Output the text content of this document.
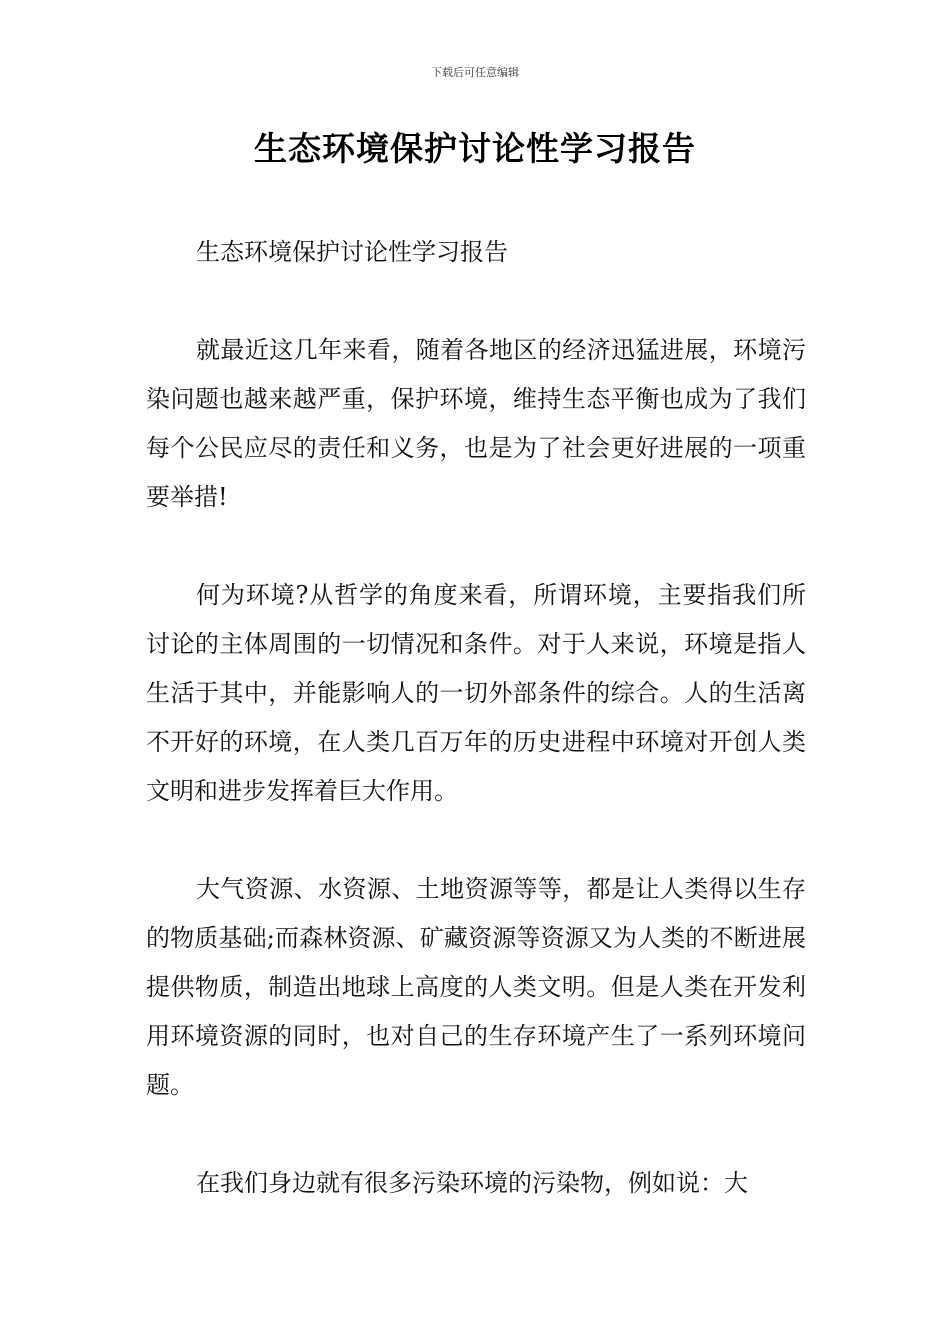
下载后可任意编辑
生态环境保护讨论性学习报告

生态环境保护讨论性学习报告

就最近这几年来看，随着各地区的经济迅猛进展，环境污染问题也越来越严重，保护环境，维持生态平衡也成为了我们每个公民应尽的责任和义务，也是为了社会更好进展的一项重要举措!

何为环境?从哲学的角度来看，所谓环境，主要指我们所讨论的主体周围的一切情况和条件。对于人来说，环境是指人生活于其中，并能影响人的一切外部条件的综合。人的生活离不开好的环境，在人类几百万年的历史进程中环境对开创人类文明和进步发挥着巨大作用。

大气资源、水资源、土地资源等等，都是让人类得以生存的物质基础;而森林资源、矿藏资源等资源又为人类的不断进展提供物质，制造出地球上高度的人类文明。但是人类在开发利用环境资源的同时，也对自己的生存环境产生了一系列环境问题。

在我们身边就有很多污染环境的污染物，例如说：大
